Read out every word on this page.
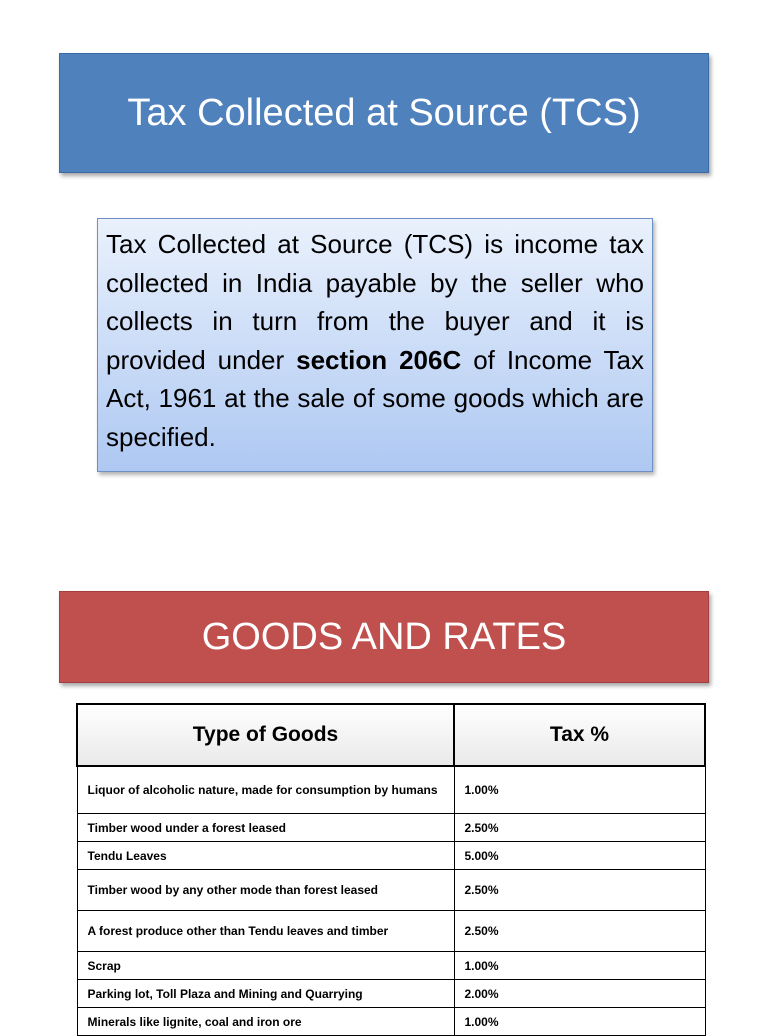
Tax Collected at Source (TCS)
Tax Collected at Source (TCS) is income tax collected in India payable by the seller who collects in turn from the buyer and it is provided under section 206C of Income Tax Act, 1961 at the sale of some goods which are specified.
GOODS AND RATES
Type of Goods	Tax %
Liquor of alcoholic nature, made for consumption by humans	1.00%
Timber wood under a forest leased	2.50%
Tendu Leaves	5.00%
Timber wood by any other mode than forest leased	2.50%
A forest produce other than Tendu leaves and timber	2.50%
Scrap	1.00%
Parking lot, Toll Plaza and Mining and Quarrying	2.00%
Minerals like lignite, coal and iron ore	1.00%
